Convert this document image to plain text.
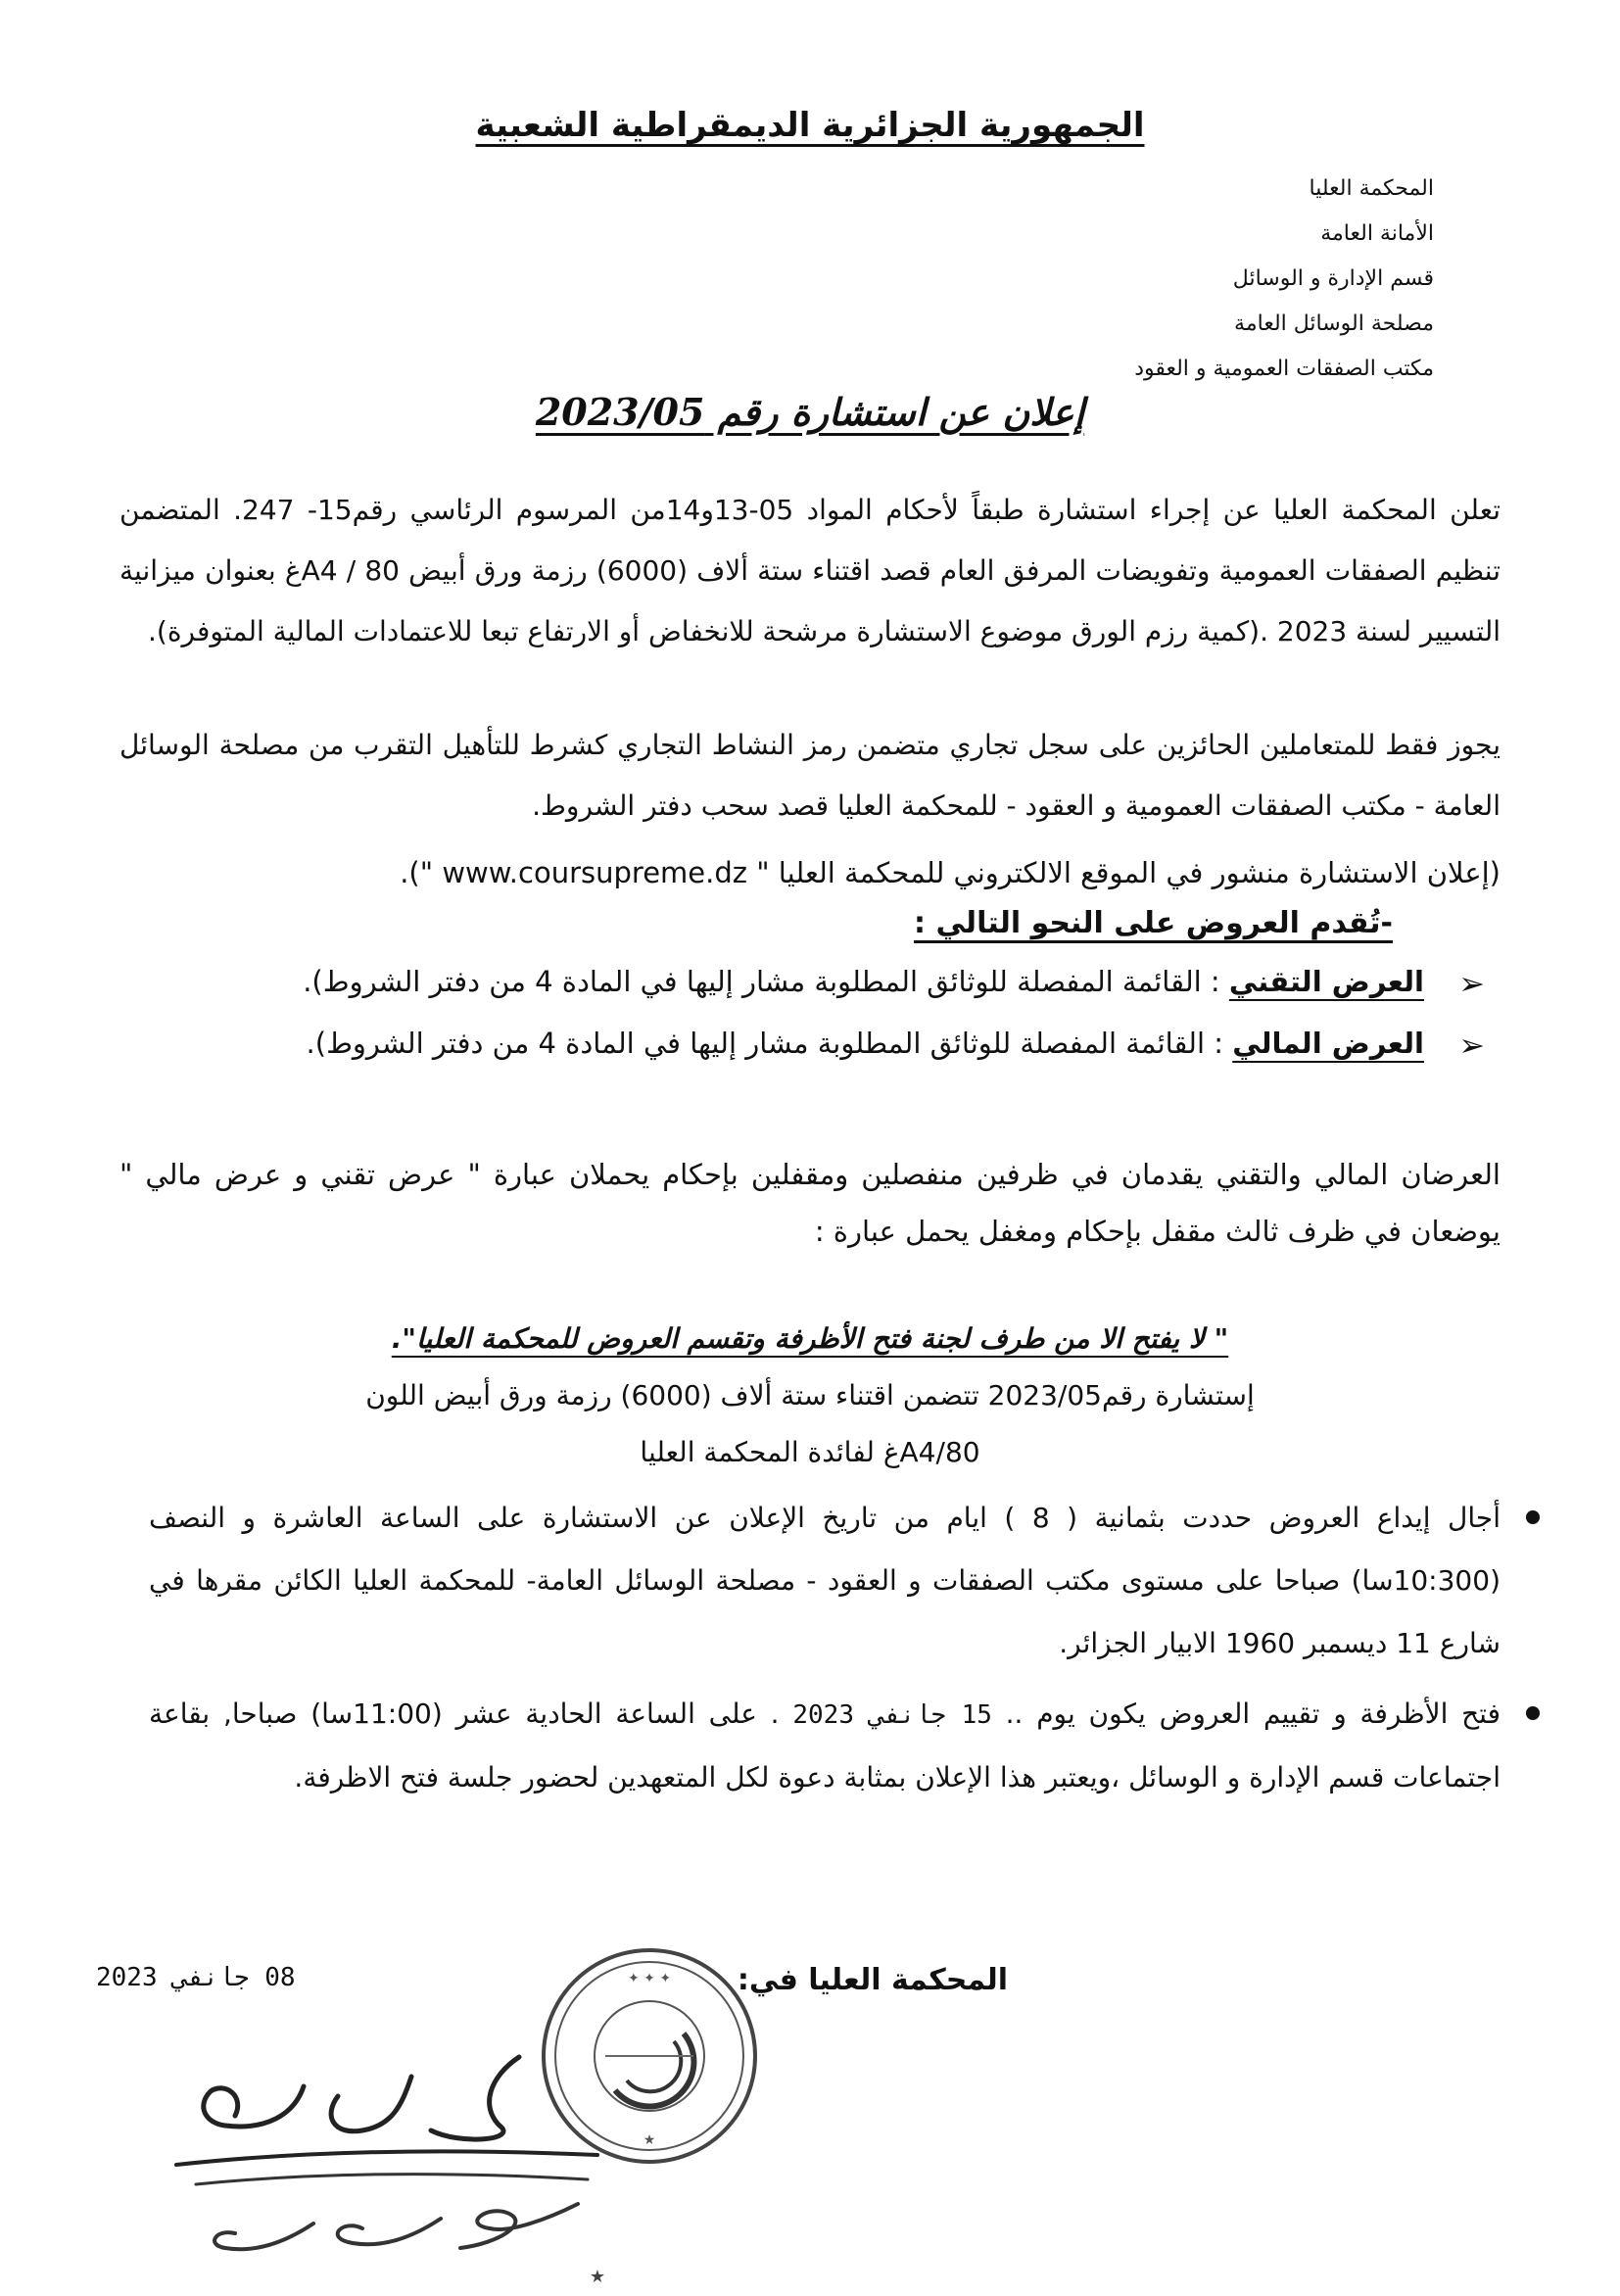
الجمهورية الجزائرية الديمقراطية الشعبية
المحكمة العليا
الأمانة العامة
قسم الإدارة و الوسائل
مصلحة الوسائل العامة
مكتب الصفقات العمومية و العقود
إعلان عن استشارة رقم 2023/05

تعلن المحكمة العليا عن إجراء استشارة طبقاً لأحكام المواد 05-13و14من المرسوم الرئاسي رقم15- 247. المتضمن تنظيم الصفقات العمومية وتفويضات المرفق العام قصد اقتناء ستة ألاف (6000) رزمة ورق أبيض 80 / A4غ بعنوان ميزانية التسيير لسنة 2023 .(كمية رزم الورق موضوع الاستشارة مرشحة للانخفاض أو الارتفاع تبعا للاعتمادات المالية المتوفرة).

يجوز فقط للمتعاملين الحائزين على سجل تجاري متضمن رمز النشاط التجاري كشرط للتأهيل التقرب من مصلحة الوسائل العامة - مكتب الصفقات العمومية و العقود - للمحكمة العليا قصد سحب دفتر الشروط.

(إعلان الاستشارة منشور في الموقع الالكتروني للمحكمة العليا " www.coursupreme.dz ").

-تُقدم العروض على النحو التالي :
➢
العرض التقني : القائمة المفصلة للوثائق المطلوبة مشار إليها في المادة 4 من دفتر الشروط).
➢
العرض المالي : القائمة المفصلة للوثائق المطلوبة مشار إليها في المادة 4 من دفتر الشروط).

العرضان المالي والتقني يقدمان في ظرفين منفصلين ومقفلين بإحكام يحملان عبارة " عرض تقني و عرض مالي " يوضعان في ظرف ثالث مقفل بإحكام ومغفل يحمل عبارة :

" لا يفتح الا من طرف لجنة فتح الأظرفة وتقسم العروض للمحكمة العليا".
إستشارة رقم2023/05 تتضمن اقتناء ستة ألاف (6000) رزمة ورق أبيض اللون
80/A4غ لفائدة المحكمة العليا
أجال إيداع العروض حددت بثمانية ( 8 ) ايام من تاريخ الإعلان عن الاستشارة على الساعة العاشرة و النصف (10:300سا) صباحا على مستوى مكتب الصفقات و العقود - مصلحة الوسائل العامة- للمحكمة العليا الكائن مقرها في شارع 11 ديسمبر 1960 الابيار الجزائر.
فتح الأظرفة و تقييم العروض يكون يوم .. 15 جانفي 2023 . على الساعة الحادية عشر (11:00سا) صباحا, بقاعة اجتماعات قسم الإدارة و الوسائل ،ويعتبر هذا الإعلان بمثابة دعوة لكل المتعهدين لحضور جلسة فتح الاظرفة.
المحكمة العليا في:
08 جانفي 2023	✦ ✦ ✦
★
★
